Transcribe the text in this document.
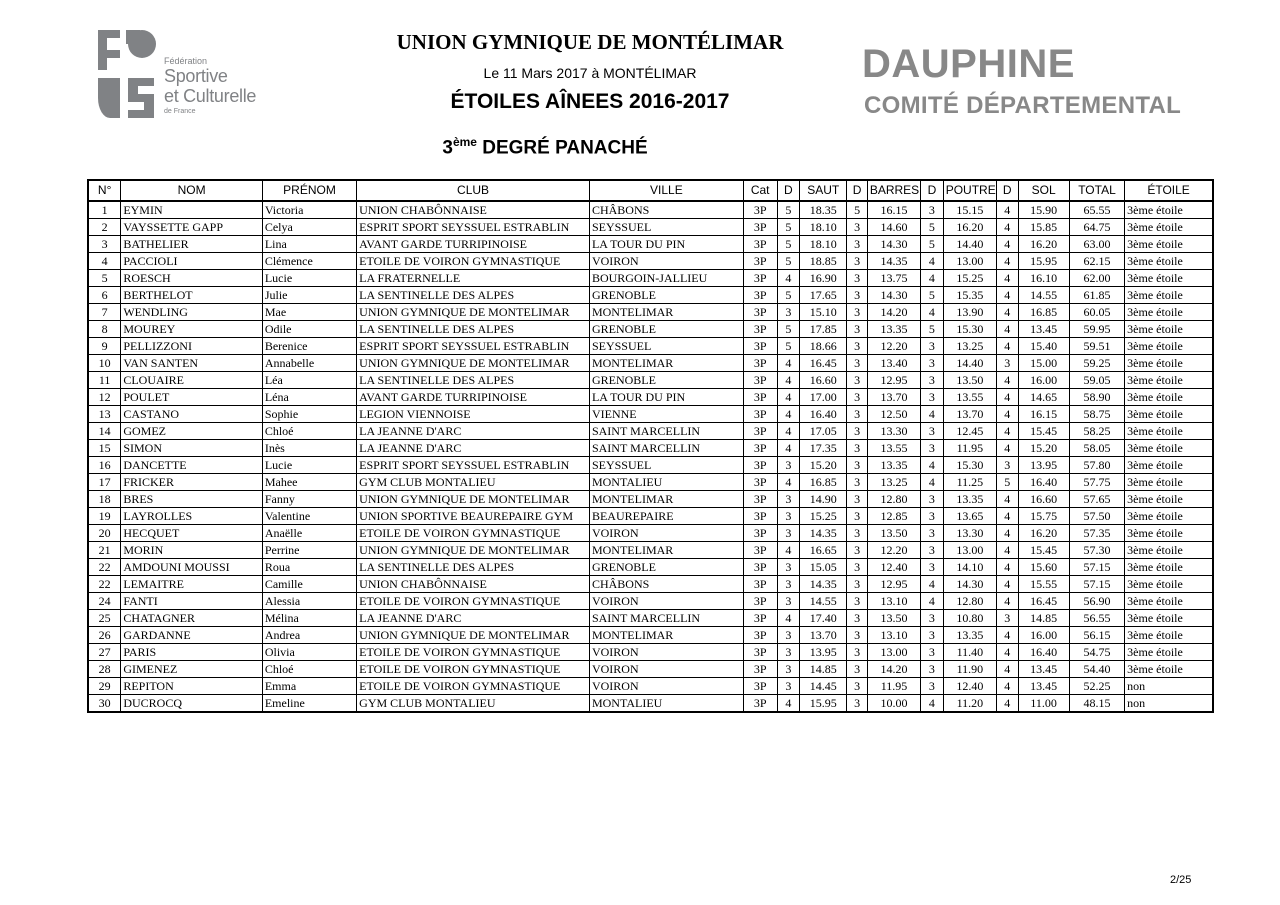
Fédération
Sportive
et Culturelle
de France
UNION GYMNIQUE DE MONTÉLIMAR
Le 11 Mars 2017 à MONTÉLIMAR
ÉTOILES AÎNEES 2016-2017
3ème DEGRÉ PANACHÉ
DAUPHINE
COMITÉ DÉPARTEMENTAL
N°	NOM	PRÉNOM	CLUB	VILLE	Cat	D	SAUT	D	BARRES	D	POUTRE	D	SOL	TOTAL	ÉTOILE
1	EYMIN	Victoria	UNION CHABÔNNAISE	CHÂBONS	3P	5	18.35	5	16.15	3	15.15	4	15.90	65.55	3ème étoile
2	VAYSSETTE GAPP	Celya	ESPRIT SPORT SEYSSUEL ESTRABLIN	SEYSSUEL	3P	5	18.10	3	14.60	5	16.20	4	15.85	64.75	3ème étoile
3	BATHELIER	Lina	AVANT GARDE TURRIPINOISE	LA TOUR DU PIN	3P	5	18.10	3	14.30	5	14.40	4	16.20	63.00	3ème étoile
4	PACCIOLI	Clémence	ETOILE DE VOIRON GYMNASTIQUE	VOIRON	3P	5	18.85	3	14.35	4	13.00	4	15.95	62.15	3ème étoile
5	ROESCH	Lucie	LA FRATERNELLE	BOURGOIN-JALLIEU	3P	4	16.90	3	13.75	4	15.25	4	16.10	62.00	3ème étoile
6	BERTHELOT	Julie	LA SENTINELLE DES ALPES	GRENOBLE	3P	5	17.65	3	14.30	5	15.35	4	14.55	61.85	3ème étoile
7	WENDLING	Mae	UNION GYMNIQUE DE MONTELIMAR	MONTELIMAR	3P	3	15.10	3	14.20	4	13.90	4	16.85	60.05	3ème étoile
8	MOUREY	Odile	LA SENTINELLE DES ALPES	GRENOBLE	3P	5	17.85	3	13.35	5	15.30	4	13.45	59.95	3ème étoile
9	PELLIZZONI	Berenice	ESPRIT SPORT SEYSSUEL ESTRABLIN	SEYSSUEL	3P	5	18.66	3	12.20	3	13.25	4	15.40	59.51	3ème étoile
10	VAN SANTEN	Annabelle	UNION GYMNIQUE DE MONTELIMAR	MONTELIMAR	3P	4	16.45	3	13.40	3	14.40	3	15.00	59.25	3ème étoile
11	CLOUAIRE	Léa	LA SENTINELLE DES ALPES	GRENOBLE	3P	4	16.60	3	12.95	3	13.50	4	16.00	59.05	3ème étoile
12	POULET	Léna	AVANT GARDE TURRIPINOISE	LA TOUR DU PIN	3P	4	17.00	3	13.70	3	13.55	4	14.65	58.90	3ème étoile
13	CASTANO	Sophie	LEGION VIENNOISE	VIENNE	3P	4	16.40	3	12.50	4	13.70	4	16.15	58.75	3ème étoile
14	GOMEZ	Chloé	LA JEANNE D'ARC	SAINT MARCELLIN	3P	4	17.05	3	13.30	3	12.45	4	15.45	58.25	3ème étoile
15	SIMON	Inès	LA JEANNE D'ARC	SAINT MARCELLIN	3P	4	17.35	3	13.55	3	11.95	4	15.20	58.05	3ème étoile
16	DANCETTE	Lucie	ESPRIT SPORT SEYSSUEL ESTRABLIN	SEYSSUEL	3P	3	15.20	3	13.35	4	15.30	3	13.95	57.80	3ème étoile
17	FRICKER	Mahee	GYM CLUB MONTALIEU	MONTALIEU	3P	4	16.85	3	13.25	4	11.25	5	16.40	57.75	3ème étoile
18	BRES	Fanny	UNION GYMNIQUE DE MONTELIMAR	MONTELIMAR	3P	3	14.90	3	12.80	3	13.35	4	16.60	57.65	3ème étoile
19	LAYROLLES	Valentine	UNION SPORTIVE BEAUREPAIRE GYM	BEAUREPAIRE	3P	3	15.25	3	12.85	3	13.65	4	15.75	57.50	3ème étoile
20	HECQUET	Anaëlle	ETOILE DE VOIRON GYMNASTIQUE	VOIRON	3P	3	14.35	3	13.50	3	13.30	4	16.20	57.35	3ème étoile
21	MORIN	Perrine	UNION GYMNIQUE DE MONTELIMAR	MONTELIMAR	3P	4	16.65	3	12.20	3	13.00	4	15.45	57.30	3ème étoile
22	AMDOUNI MOUSSI	Roua	LA SENTINELLE DES ALPES	GRENOBLE	3P	3	15.05	3	12.40	3	14.10	4	15.60	57.15	3ème étoile
22	LEMAITRE	Camille	UNION CHABÔNNAISE	CHÂBONS	3P	3	14.35	3	12.95	4	14.30	4	15.55	57.15	3ème étoile
24	FANTI	Alessia	ETOILE DE VOIRON GYMNASTIQUE	VOIRON	3P	3	14.55	3	13.10	4	12.80	4	16.45	56.90	3ème étoile
25	CHATAGNER	Mélina	LA JEANNE D'ARC	SAINT MARCELLIN	3P	4	17.40	3	13.50	3	10.80	3	14.85	56.55	3ème étoile
26	GARDANNE	Andrea	UNION GYMNIQUE DE MONTELIMAR	MONTELIMAR	3P	3	13.70	3	13.10	3	13.35	4	16.00	56.15	3ème étoile
27	PARIS	Olivia	ETOILE DE VOIRON GYMNASTIQUE	VOIRON	3P	3	13.95	3	13.00	3	11.40	4	16.40	54.75	3ème étoile
28	GIMENEZ	Chloé	ETOILE DE VOIRON GYMNASTIQUE	VOIRON	3P	3	14.85	3	14.20	3	11.90	4	13.45	54.40	3ème étoile
29	REPITON	Emma	ETOILE DE VOIRON GYMNASTIQUE	VOIRON	3P	3	14.45	3	11.95	3	12.40	4	13.45	52.25	non
30	DUCROCQ	Emeline	GYM CLUB MONTALIEU	MONTALIEU	3P	4	15.95	3	10.00	4	11.20	4	11.00	48.15	non
2/25
